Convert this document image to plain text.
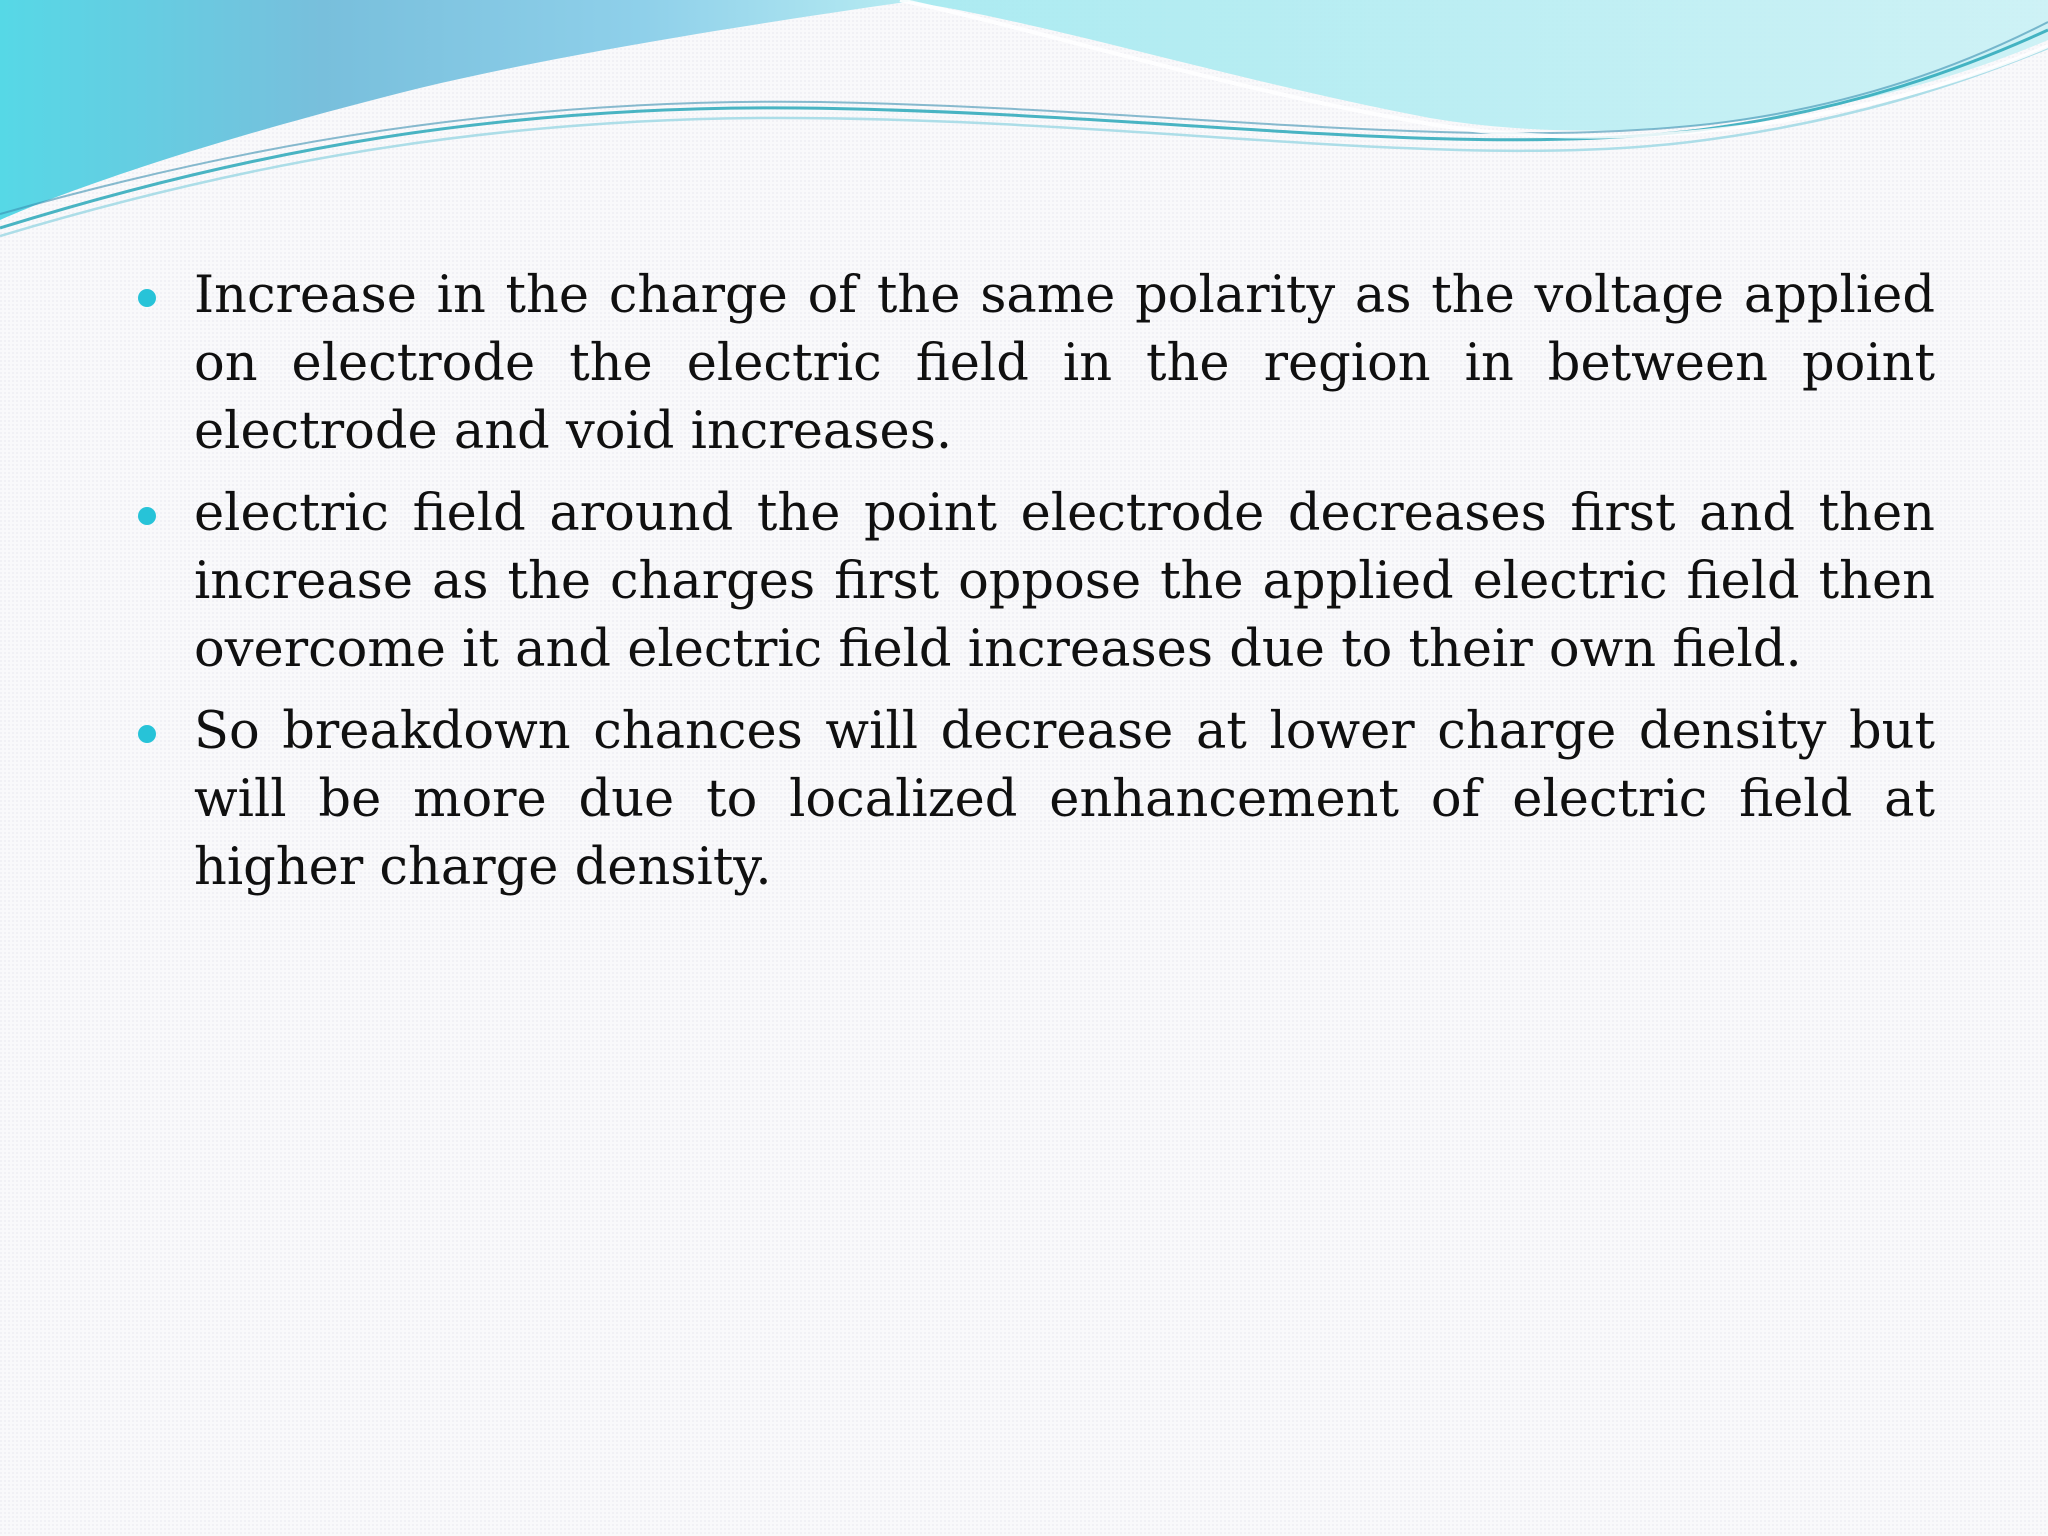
Increase in the charge of the same polarity as the voltage applied on electrode the electric field in the region in between point electrode and void increases.
electric field around the point electrode decreases first and then increase as the charges first oppose the applied electric field then overcome it and electric field increases due to their own field.
So breakdown chances will decrease at lower charge density but will be more due to localized enhancement of electric field at higher charge density.
